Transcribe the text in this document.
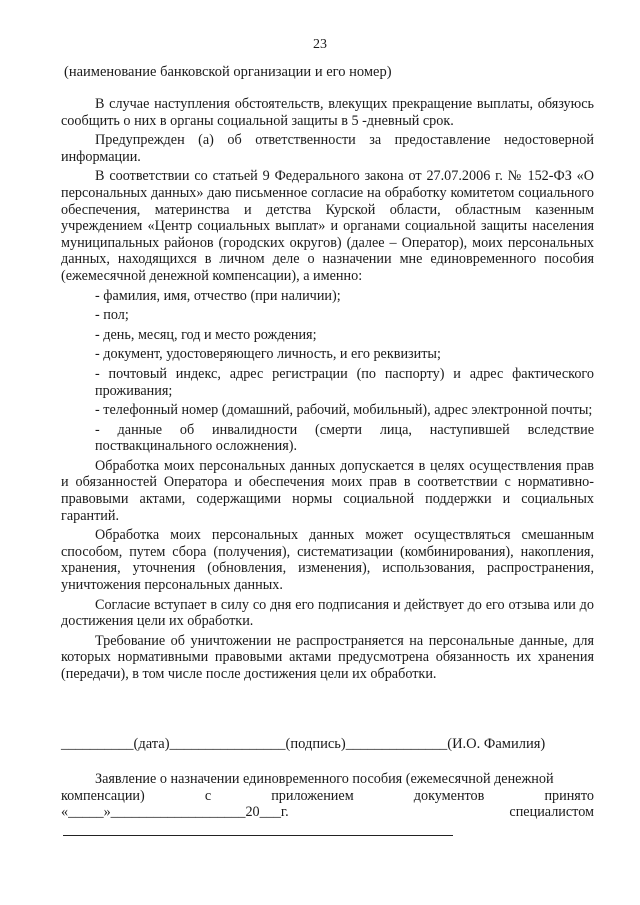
23
(наименование банковской организации и его номер)

В случае наступления обстоятельств, влекущих прекращение выплаты, обязуюсь сообщить о них в органы социальной защиты в 5 -дневный срок.

Предупрежден (а) об ответственности за предоставление недостоверной информации.

В соответствии со статьей 9 Федерального закона от 27.07.2006 г. № 152-ФЗ «О персональных данных» даю письменное согласие на обработку комитетом социального обеспечения, материнства и детства Курской области, областным казенным учреждением «Центр социальных выплат» и органами социальной защиты населения муниципальных районов (городских округов) (далее – Оператор), моих персональных данных, находящихся в личном деле о назначении мне единовременного пособия (ежемесячной денежной компенсации), а именно:

- фамилия, имя, отчество (при наличии);

- пол;

- день, месяц, год и место рождения;

- документ, удостоверяющего личность, и его реквизиты;

- почтовый индекс, адрес регистрации (по паспорту) и адрес фактического проживания;

- телефонный номер (домашний, рабочий, мобильный), адрес электронной почты;

- данные об инвалидности (смерти лица, наступившей вследствие поствакцинального осложнения).

Обработка моих персональных данных допускается в целях осуществления прав и обязанностей Оператора и обеспечения моих прав в соответствии с нормативно-правовыми актами, содержащими нормы социальной поддержки и социальных гарантий.

Обработка моих персональных данных может осуществляться смешанным способом, путем сбора (получения), систематизации (комбинирования), накопления, хранения, уточнения (обновления, изменения), использования, распространения, уничтожения персональных данных.

Согласие вступает в силу со дня его подписания и действует до его отзыва или до достижения цели их обработки.

Требование об уничтожении не распространяется на персональные данные, для которых нормативными правовыми актами предусмотрена обязанность их хранения (передачи), в том числе после достижения цели их обработки.

__________(дата)________________(подпись)______________(И.О. Фамилия)

Заявление о назначении единовременного пособия (ежемесячной денежной

компенсации)	с	приложением	документов	принято
«_____»___________________20___г.	специалистом
